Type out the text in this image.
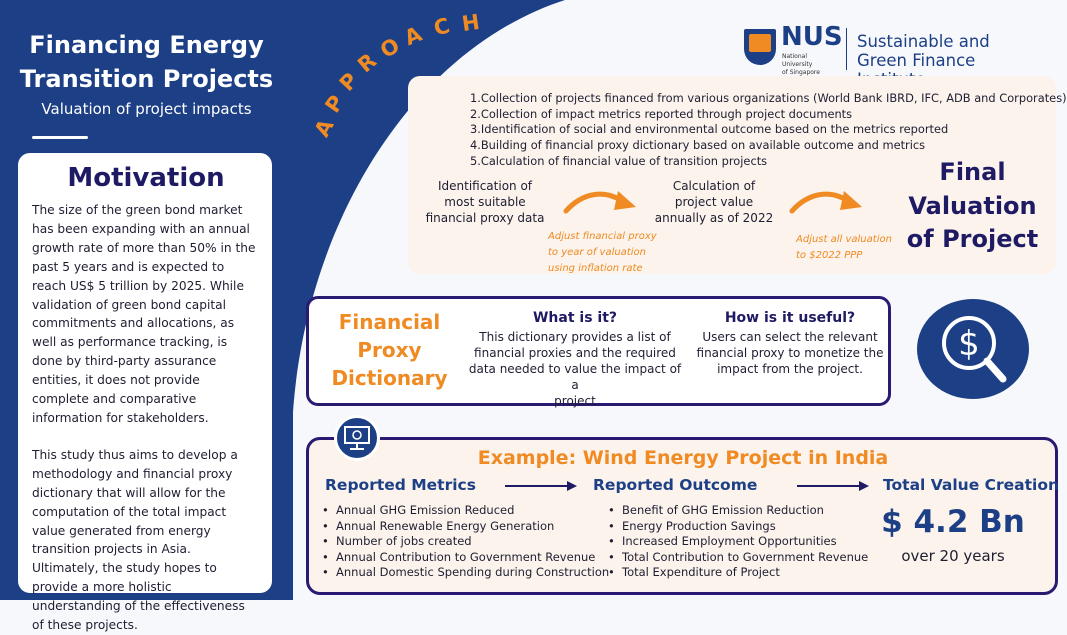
Financing Energy
Transition Projects
Valuation of project impacts
Motivation

The size of the green bond market has been expanding with an annual growth rate of more than 50% in the past 5 years and is expected to reach US$ 5 trillion by 2025. While validation of green bond capital commitments and allocations, as well as performance tracking, is done by third-party assurance entities, it does not provide complete and comparative information for stakeholders.

This study thus aims to develop a methodology and financial proxy dictionary that will allow for the computation of the total impact value generated from energy transition projects in Asia. Ultimately, the study hopes to provide a more holistic understanding of the effectiveness of these projects.

A
P
P
R
O
A C H	NUS
National University
of Singapore
Sustainable and
Green Finance
1.Collection of projects financed from various organizations (World Bank IBRD, IFC, ADB and Corporates)
2.Collection of impact metrics reported through project documents
3.Identification of social and environmental outcome based on the metrics reported
4.Building of financial proxy dictionary based on available outcome and metrics
5.Calculation of financial value of transition projects
Identification of
most suitable
financial proxy data
Adjust financial proxy
to year of valuation
using inflation rate
Calculation of
project value
annually as of 2022
Adjust all valuation
to $2022 PPP
Final
Valuation
of Project
Financial
Proxy
Dictionary
What is it?
This dictionary provides a list of
financial proxies and the required
data needed to value the impact of a
project
How is it useful?
Users can select the relevant
financial proxy to monetize the
impact from the project.
$
Example: Wind Energy Project in India
Reported Metrics	Reported Outcome	Total Value Creation
• Annual GHG Emission Reduced
• Annual Renewable Energy Generation
• Number of jobs created
• Annual Contribution to Government Revenue
• Annual Domestic Spending during Construction
• Benefit of GHG Emission Reduction
• Energy Production Savings
• Increased Employment Opportunities
• Total Contribution to Government Revenue
• Total Expenditure of Project
$ 4.2 Bn
over 20 years
